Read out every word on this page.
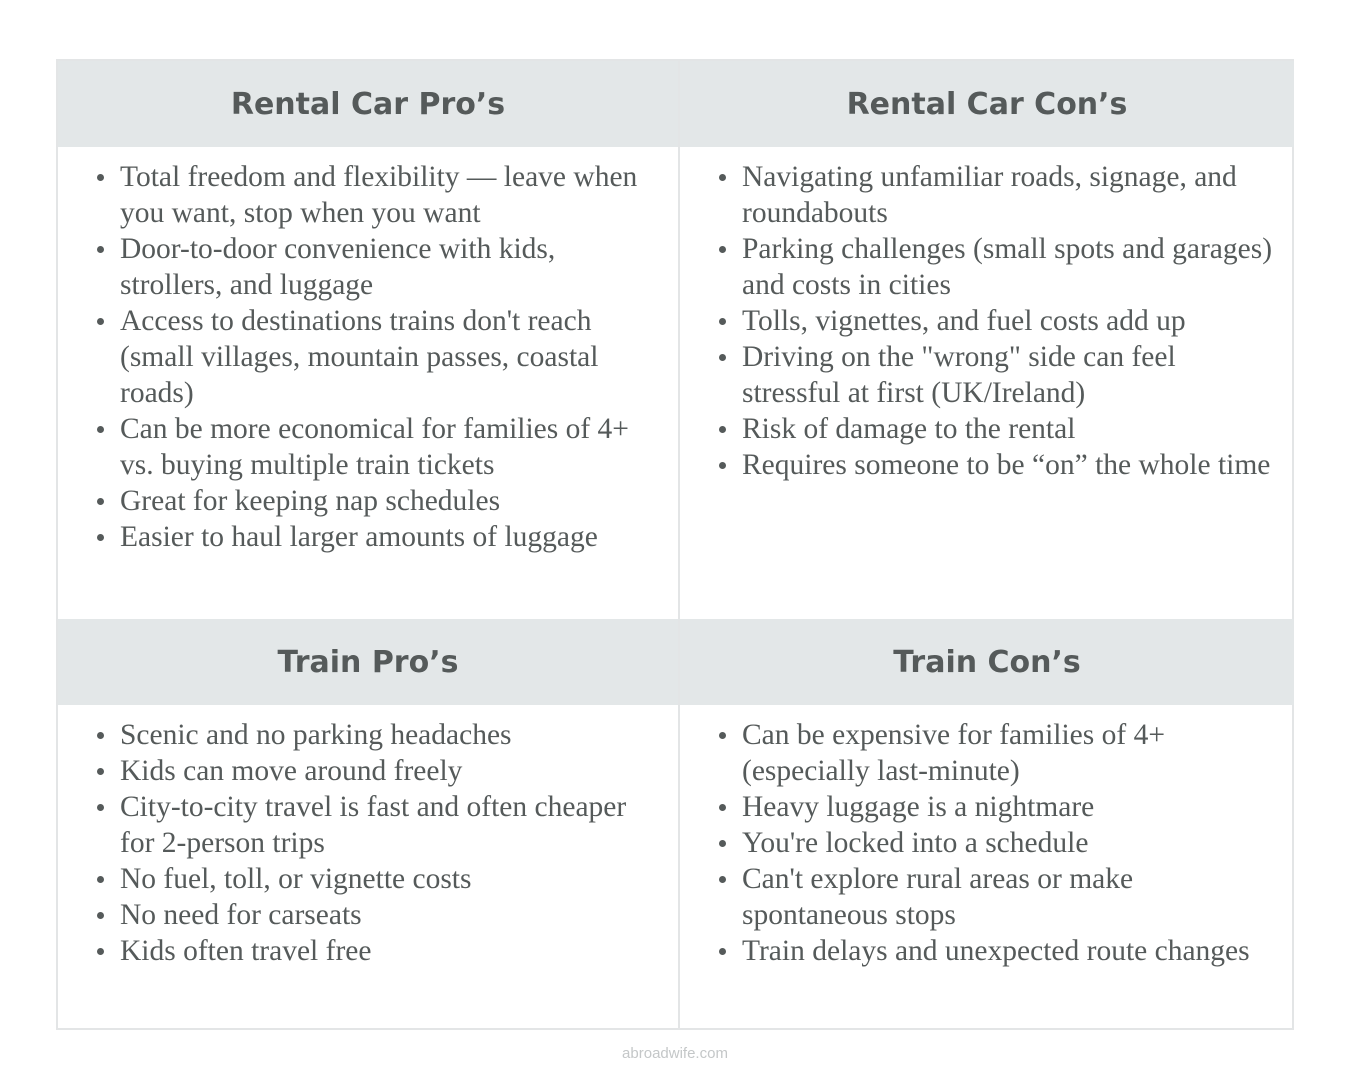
Rental Car Pro’s	Rental Car Con’s
Total freedom and flexibility — leave when you want, stop when you want
Door-to-door convenience with kids, strollers, and luggage
Access to destinations trains don't reach (small villages, mountain passes, coastal roads)
Can be more economical for families of 4+ vs. buying multiple train tickets
Great for keeping nap schedules
Easier to haul larger amounts of luggage
Navigating unfamiliar roads, signage, and roundabouts
Parking challenges (small spots and garages) and costs in cities
Tolls, vignettes, and fuel costs add up
Driving on the "wrong" side can feel stressful at first (UK/Ireland)
Risk of damage to the rental
Requires someone to be “on” the whole time
Train Pro’s	Train Con’s
Scenic and no parking headaches
Kids can move around freely
City-to-city travel is fast and often cheaper for 2-person trips
No fuel, toll, or vignette costs
No need for carseats
Kids often travel free
Can be expensive for families of 4+ (especially last-minute)
Heavy luggage is a nightmare
You're locked into a schedule
Can't explore rural areas or make spontaneous stops
Train delays and unexpected route changes
abroadwife.com
